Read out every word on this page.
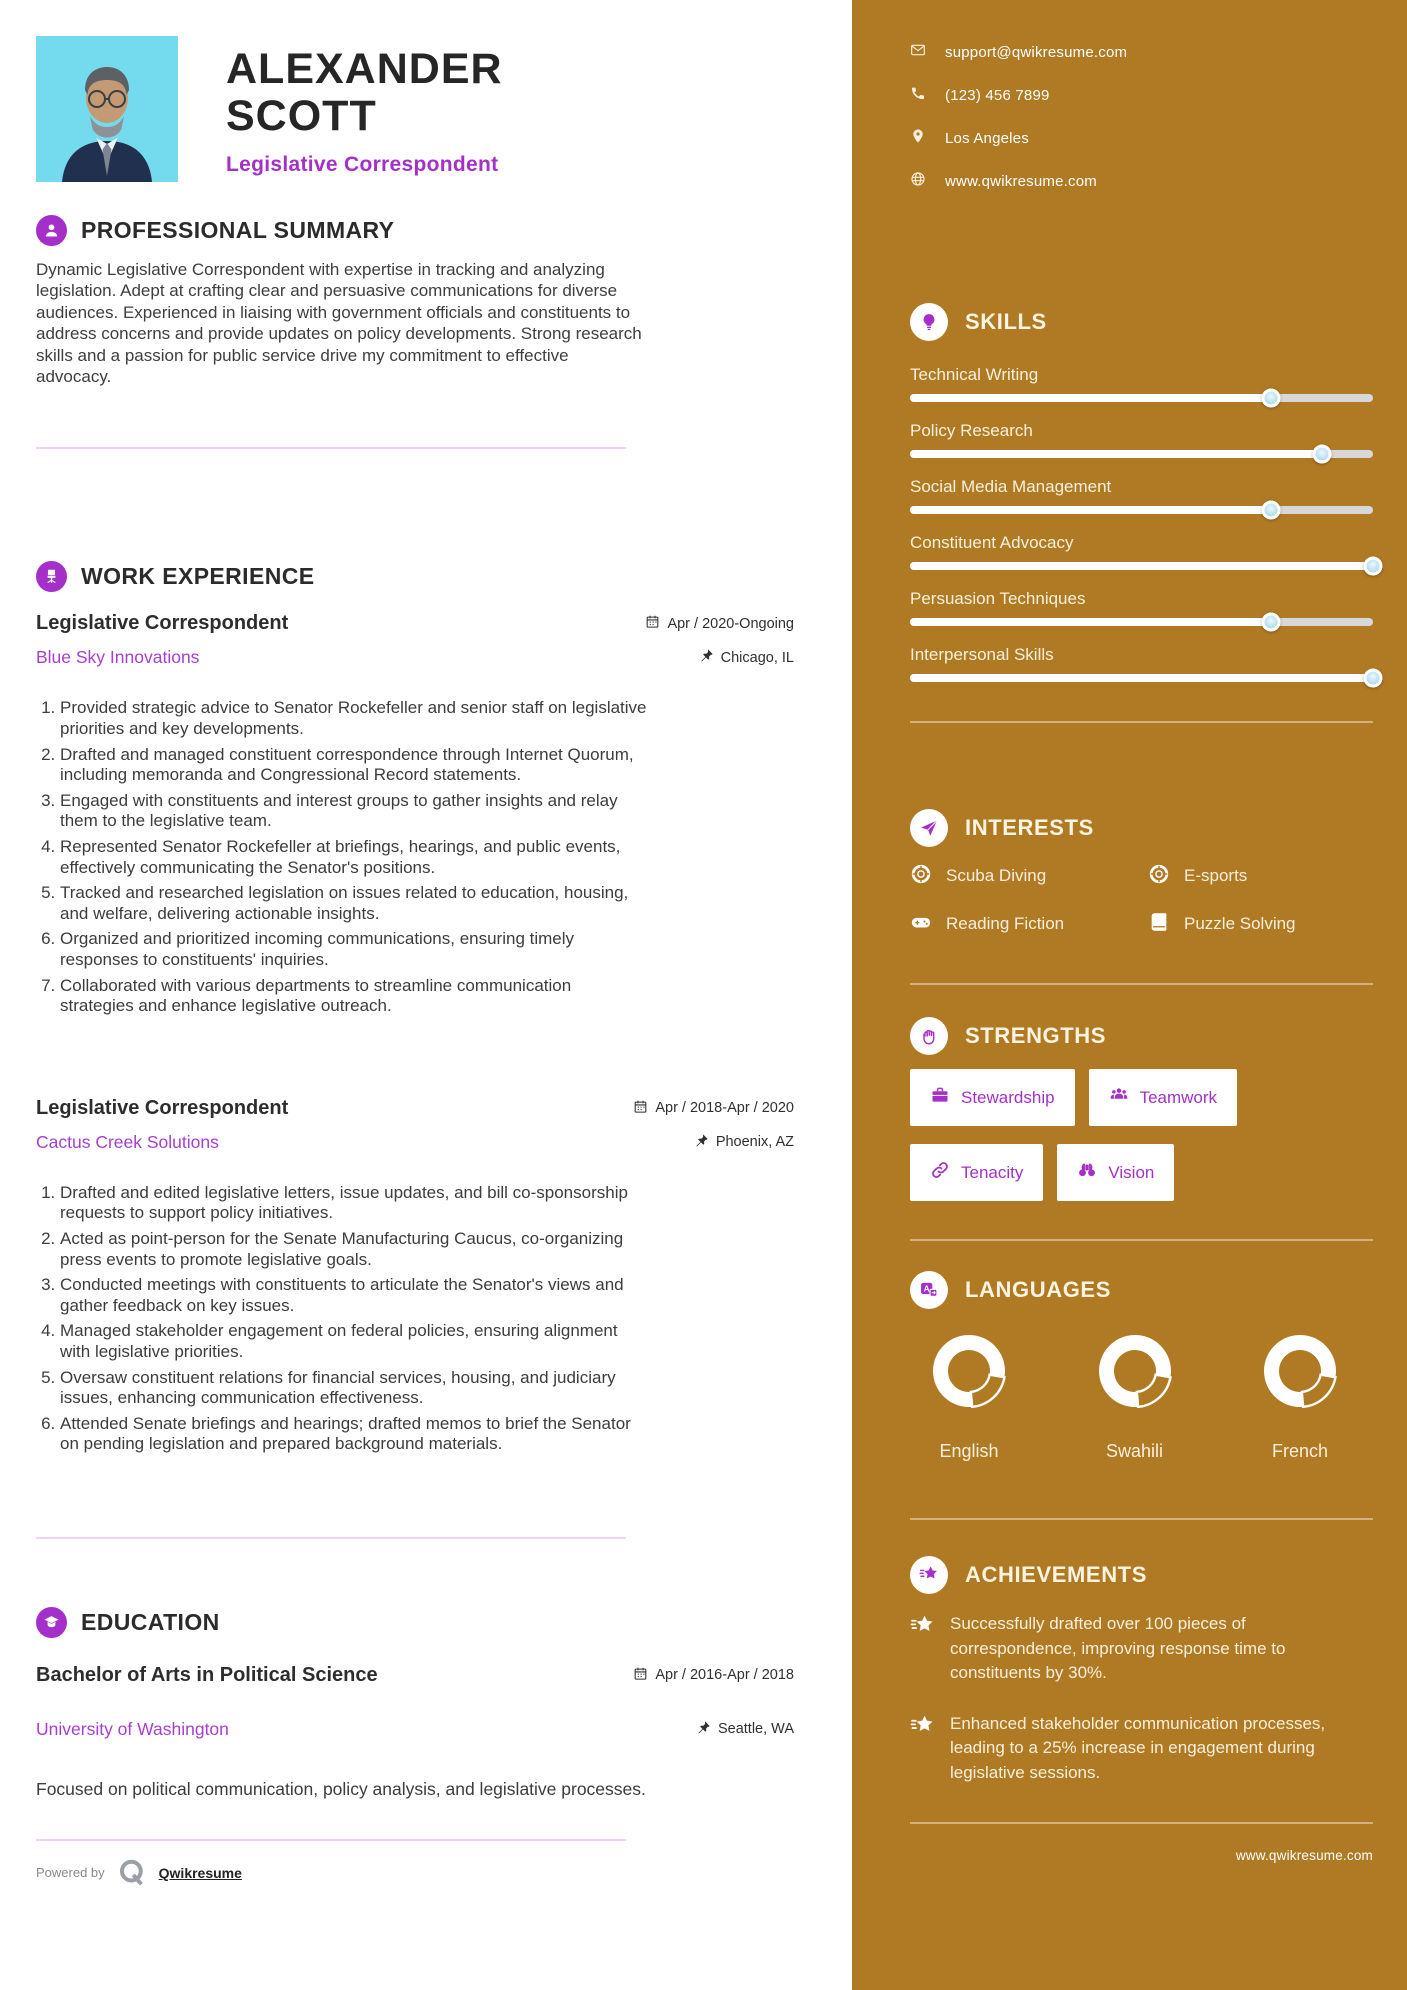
ALEXANDER
SCOTT
Legislative Correspondent
PROFESSIONAL SUMMARY

Dynamic Legislative Correspondent with expertise in tracking and analyzing legislation. Adept at crafting clear and persuasive communications for diverse audiences. Experienced in liaising with government officials and constituents to address concerns and provide updates on policy developments. Strong research skills and a passion for public service drive my commitment to effective advocacy.

WORK EXPERIENCE
Legislative Correspondent	Apr / 2020-Ongoing
Blue Sky Innovations	Chicago, IL
1. Provided strategic advice to Senator Rockefeller and senior staff on legislative priorities and key developments.
2. Drafted and managed constituent correspondence through Internet Quorum, including memoranda and Congressional Record statements.
3. Engaged with constituents and interest groups to gather insights and relay them to the legislative team.
4. Represented Senator Rockefeller at briefings, hearings, and public events, effectively communicating the Senator's positions.
5. Tracked and researched legislation on issues related to education, housing, and welfare, delivering actionable insights.
6. Organized and prioritized incoming communications, ensuring timely responses to constituents' inquiries.
7. Collaborated with various departments to streamline communication strategies and enhance legislative outreach.
Legislative Correspondent	Apr / 2018-Apr / 2020
Cactus Creek Solutions	Phoenix, AZ
1. Drafted and edited legislative letters, issue updates, and bill co-sponsorship requests to support policy initiatives.
2. Acted as point-person for the Senate Manufacturing Caucus, co-organizing press events to promote legislative goals.
3. Conducted meetings with constituents to articulate the Senator's views and gather feedback on key issues.
4. Managed stakeholder engagement on federal policies, ensuring alignment with legislative priorities.
5. Oversaw constituent relations for financial services, housing, and judiciary issues, enhancing communication effectiveness.
6. Attended Senate briefings and hearings; drafted memos to brief the Senator on pending legislation and prepared background materials.
EDUCATION
Bachelor of Arts in Political Science	Apr / 2016-Apr / 2018
University of Washington	Seattle, WA

Focused on political communication, policy analysis, and legislative processes.

Powered by	Qwikresume
support@qwikresume.com
(123) 456 7899
Los Angeles
www.qwikresume.com
SKILLS
Technical Writing
Policy Research
Social Media Management
Constituent Advocacy
Persuasion Techniques
Interpersonal Skills
INTERESTS
Scuba Diving	E-sports
Reading Fiction	Puzzle Solving
STRENGTHS
Stewardship	Teamwork
Tenacity	Vision
A LANGUAGES
English	Swahili	French
ACHIEVEMENTS
Successfully drafted over 100 pieces of correspondence, improving response time to constituents by 30%.
Enhanced stakeholder communication processes, leading to a 25% increase in engagement during legislative sessions.
www.qwikresume.com
